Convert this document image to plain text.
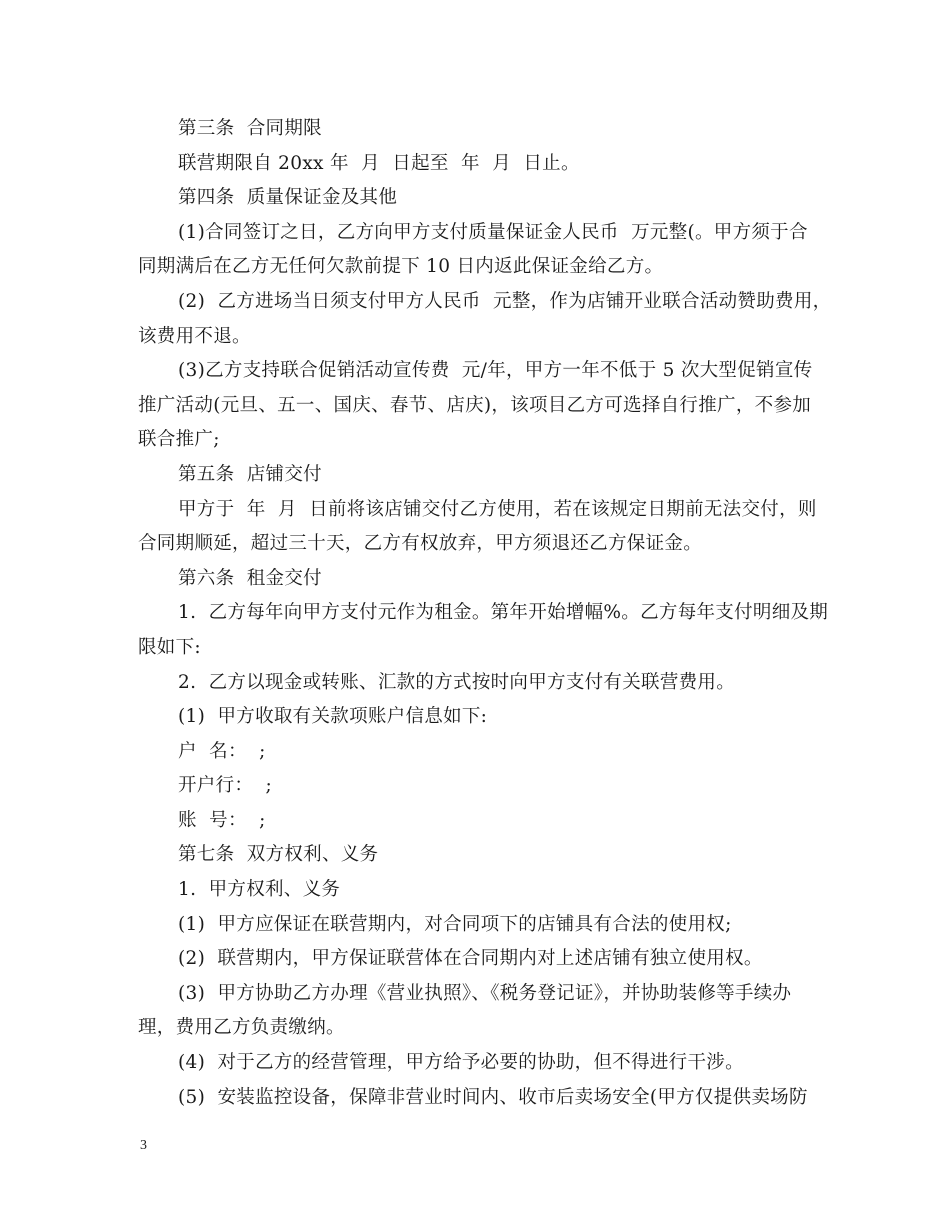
第三条  合同期限
联营期限自 20xx 年  月  日起至  年  月  日止。
第四条  质量保证金及其他
(1)合同签订之日，乙方向甲方支付质量保证金人民币  万元整(。甲方须于合
同期满后在乙方无任何欠款前提下 10 日内返此保证金给乙方。
(2)  乙方进场当日须支付甲方人民币  元整，作为店铺开业联合活动赞助费用，
该费用不退。
(3)乙方支持联合促销活动宣传费  元/年，甲方一年不低于 5 次大型促销宣传
推广活动(元旦、五一、国庆、春节、店庆)，该项目乙方可选择自行推广，不参加
联合推广;
第五条  店铺交付
甲方于  年  月  日前将该店铺交付乙方使用，若在该规定日期前无法交付，则
合同期顺延，超过三十天，乙方有权放弃，甲方须退还乙方保证金。
第六条  租金交付
1.  乙方每年向甲方支付元作为租金。第年开始增幅%。乙方每年支付明细及期
限如下:
2.  乙方以现金或转账、汇款的方式按时向甲方支付有关联营费用。
(1)  甲方收取有关款项账户信息如下:
户  名：  ;
开户行：  ;
账  号：  ;
第七条  双方权利、义务
1.  甲方权利、义务
(1)  甲方应保证在联营期内，对合同项下的店铺具有合法的使用权;
(2)  联营期内，甲方保证联营体在合同期内对上述店铺有独立使用权。
(3)  甲方协助乙方办理《营业执照》、《税务登记证》，并协助装修等手续办
理，费用乙方负责缴纳。
(4)  对于乙方的经营管理，甲方给予必要的协助，但不得进行干涉。
(5)  安装监控设备，保障非营业时间内、收市后卖场安全(甲方仅提供卖场防
3
